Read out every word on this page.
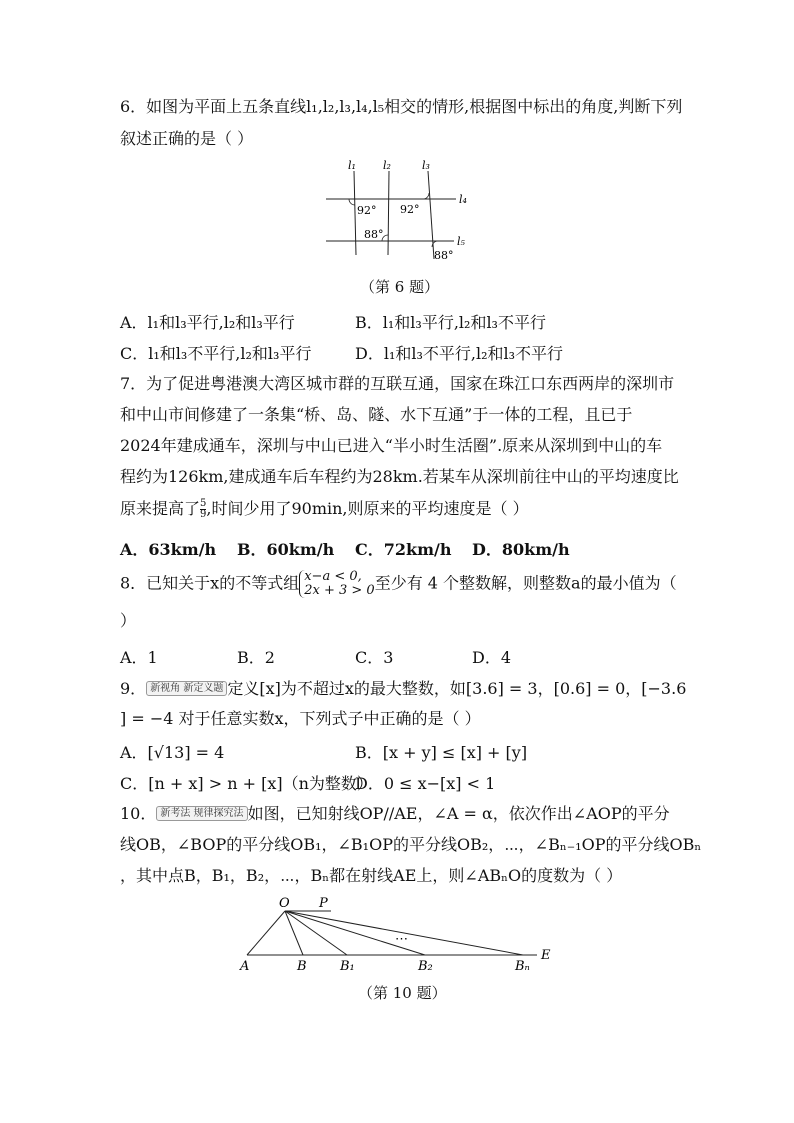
6．如图为平面上五条直线l₁,l₂,l₃,l₄,l₅相交的情形,根据图中标出的角度,判断下列
叙述正确的是（ ）
l₁ l₂	l₃
l₄
l₅
92° 92°
88°
88°
（第 6 题）
A．l₁和l₃平行,l₂和l₃平行	B．l₁和l₃平行,l₂和l₃不平行
C．l₁和l₃不平行,l₂和l₃平行	D．l₁和l₃不平行,l₂和l₃不平行
7．为了促进粤港澳大湾区城市群的互联互通，国家在珠江口东西两岸的深圳市
和中山市间修建了一条集“桥、岛、隧、水下互通”于一体的工程，且已于
2024年建成通车，深圳与中山已进入“半小时生活圈”.原来从深圳到中山的车
程约为126km,建成通车后车程约为28km.若某车从深圳前往中山的平均速度比
原来提高了 $\frac{5}{9}$ ,时间少用了90min,则原来的平均速度是（ ）
A．63km/h B．60km/h C．72km/h D．80km/h
8．已知关于x的不等式组 x−a < 0,
2x + 3 > 0 至少有 4 个整数解，则整数a的最小值为（
）
A．1	B．2	C．3	D．4
9． 新视角 新定义题 定义[x]为不超过x的最大整数，如[3.6] = 3，[0.6] = 0，[−3.6
] = −4 对于任意实数x，下列式子中正确的是（ ）
A．[√13] = 4	B．[x + y] ≤ [x] + [y]
C．[n + x] > n + [x]（n为整数）
D．0 ≤ x−[x] < 1
10． 新考法 规律探究法 如图，已知射线OP//AE，∠A = α，依次作出∠AOP的平分
线OB，∠BOP的平分线OB₁，∠B₁OP的平分线OB₂，⋯，∠Bₙ₋₁OP的平分线OBₙ
，其中点B，B₁，B₂，⋯，Bₙ都在射线AE上，则∠ABₙO的度数为（ ）
O P
A	B	B₁	B₂	Bₙ
E
⋯
（第 10 题）
